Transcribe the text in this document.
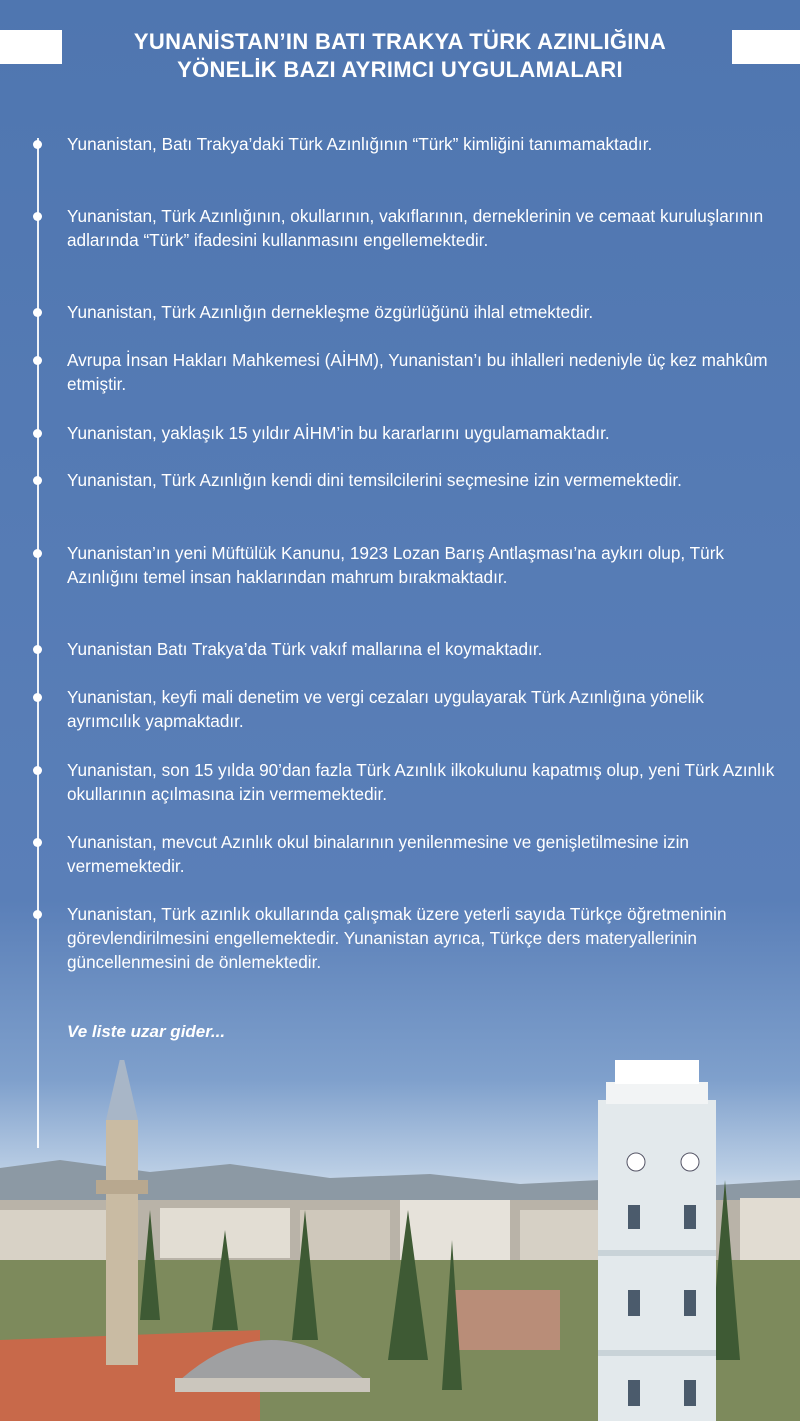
YUNANİSTAN’IN BATI TRAKYA TÜRK AZINLIĞINA
YÖNELİK BAZI AYRIMCI UYGULAMALARI
Yunanistan, Batı Trakya’daki Türk Azınlığının “Türk” kimliğini tanımamaktadır.
Yunanistan, Türk Azınlığının, okullarının, vakıflarının, derneklerinin ve cemaat kuruluşlarının adlarında “Türk” ifadesini kullanmasını engellemektedir.
Yunanistan, Türk Azınlığın dernekleşme özgürlüğünü ihlal etmektedir.
Avrupa İnsan Hakları Mahkemesi (AİHM), Yunanistan’ı bu ihlalleri nedeniyle üç kez mahkûm etmiştir.
Yunanistan, yaklaşık 15 yıldır AİHM’in bu kararlarını uygulamamaktadır.
Yunanistan, Türk Azınlığın kendi dini temsilcilerini seçmesine izin vermemektedir.
Yunanistan’ın yeni Müftülük Kanunu, 1923 Lozan Barış Antlaşması’na aykırı olup, Türk Azınlığını temel insan haklarından mahrum bırakmaktadır.
Yunanistan Batı Trakya’da Türk vakıf mallarına el koymaktadır.
Yunanistan, keyfi mali denetim ve vergi cezaları uygulayarak Türk Azınlığına yönelik ayrımcılık yapmaktadır.
Yunanistan, son 15 yılda 90’dan fazla Türk Azınlık ilkokulunu kapatmış olup, yeni Türk Azınlık okullarının açılmasına izin vermemektedir.
Yunanistan, mevcut Azınlık okul binalarının yenilenmesine ve genişletilmesine izin vermemektedir.
Yunanistan, Türk azınlık okullarında çalışmak üzere yeterli sayıda Türkçe öğretmeninin görevlendirilmesini engellemektedir. Yunanistan ayrıca, Türkçe ders materyallerinin güncellenmesini de önlemektedir.
Ve liste uzar gider...
